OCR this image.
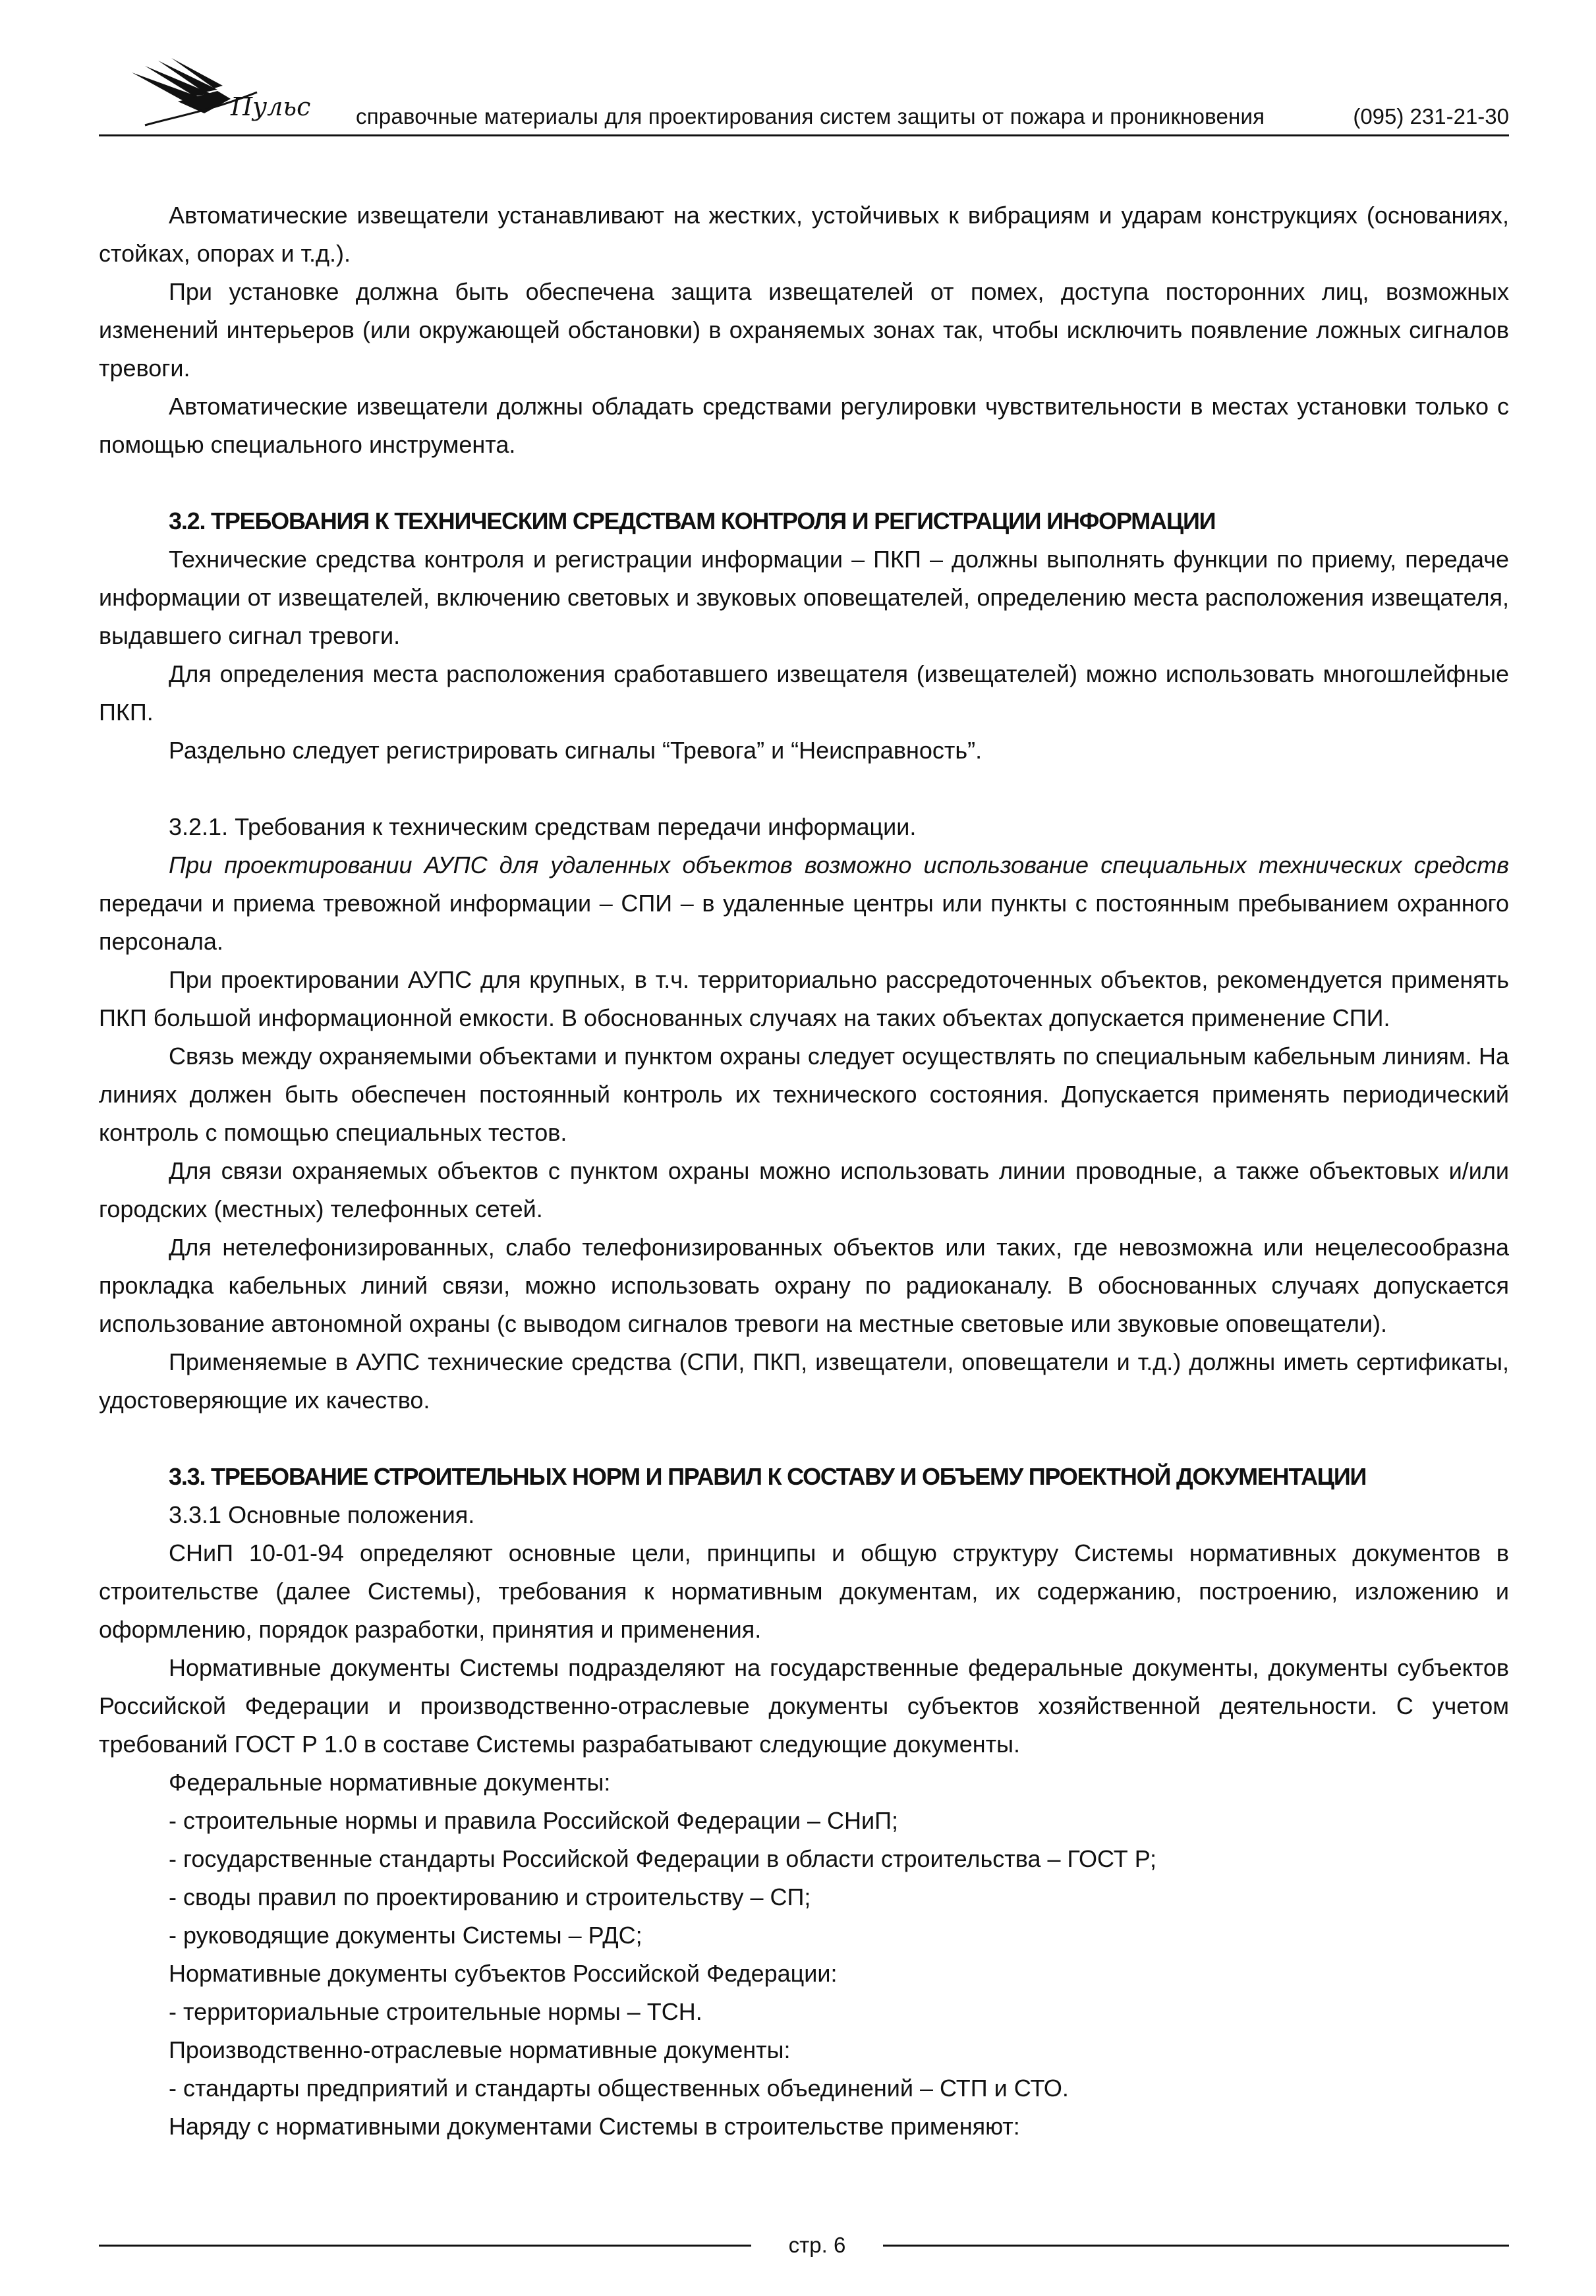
Пульс справочные материалы для проектирования систем защиты от пожара и проникновения	(095) 231-21-30

Автоматические извещатели устанавливают на жестких, устойчивых к вибрациям и ударам конструкциях (основаниях, стойках, опорах и т.д.).

При установке должна быть обеспечена защита извещателей от помех, доступа посторонних лиц, возможных изменений интерьеров (или окружающей обстановки) в охраняемых зонах так, чтобы исключить появление ложных сигналов тревоги.

Автоматические извещатели должны обладать средствами регулировки чувствительности в местах установки только с помощью специального инструмента.

3.2. ТРЕБОВАНИЯ К ТЕХНИЧЕСКИМ СРЕДСТВАМ КОНТРОЛЯ И РЕГИСТРАЦИИ ИНФОРМАЦИИ

Технические средства контроля и регистрации информации – ПКП – должны выполнять функции по приему, передаче информации от извещателей, включению световых и звуковых оповещателей, определению места расположения извещателя, выдавшего сигнал тревоги.

Для определения места расположения сработавшего извещателя (извещателей) можно использовать многошлейфные ПКП.

Раздельно следует регистрировать сигналы “Тревога” и “Неисправность”.

3.2.1. Требования к техническим средствам передачи информации.

При проектировании АУПС для удаленных объектов возможно использование специальных технических средств передачи и приема тревожной информации – СПИ – в удаленные центры или пункты с постоянным пребыванием охранного персонала.

При проектировании АУПС для крупных, в т.ч. территориально рассредоточенных объектов, рекомендуется применять ПКП большой информационной емкости. В обоснованных случаях на таких объектах допускается применение СПИ.

Связь между охраняемыми объектами и пунктом охраны следует осуществлять по специальным кабельным линиям. На линиях должен быть обеспечен постоянный контроль их технического состояния. Допускается применять периодический контроль с помощью специальных тестов.

Для связи охраняемых объектов с пунктом охраны можно использовать линии проводные, а также объектовых и/или городских (местных) телефонных сетей.

Для нетелефонизированных, слабо телефонизированных объектов или таких, где невозможна или нецелесообразна прокладка кабельных линий связи, можно использовать охрану по радиоканалу. В обоснованных случаях допускается использование автономной охраны (с выводом сигналов тревоги на местные световые или звуковые оповещатели).

Применяемые в АУПС технические средства (СПИ, ПКП, извещатели, оповещатели и т.д.) должны иметь сертификаты, удостоверяющие их качество.

3.3. ТРЕБОВАНИЕ СТРОИТЕЛЬНЫХ НОРМ И ПРАВИЛ К СОСТАВУ И ОБЪЕМУ ПРОЕКТНОЙ ДОКУМЕНТАЦИИ

3.3.1 Основные положения.

СНиП 10-01-94 определяют основные цели, принципы и общую структуру Системы нормативных документов в строительстве (далее Системы), требования к нормативным документам, их содержанию, построению, изложению и оформлению, порядок разработки, принятия и применения.

Нормативные документы Системы подразделяют на государственные федеральные документы, документы субъектов Российской Федерации и производственно-отраслевые документы субъектов хозяйственной деятельности. С учетом требований ГОСТ Р 1.0 в составе Системы разрабатывают следующие документы.

Федеральные нормативные документы:

- строительные нормы и правила Российской Федерации – СНиП;

- государственные стандарты Российской Федерации в области строительства – ГОСТ Р;

- своды правил по проектированию и строительству – СП;

- руководящие документы Системы – РДС;

Нормативные документы субъектов Российской Федерации:

- территориальные строительные нормы – ТСН.

Производственно-отраслевые нормативные документы:

- стандарты предприятий и стандарты общественных объединений – СТП и СТО.

Наряду с нормативными документами Системы в строительстве применяют:

стр. 6
